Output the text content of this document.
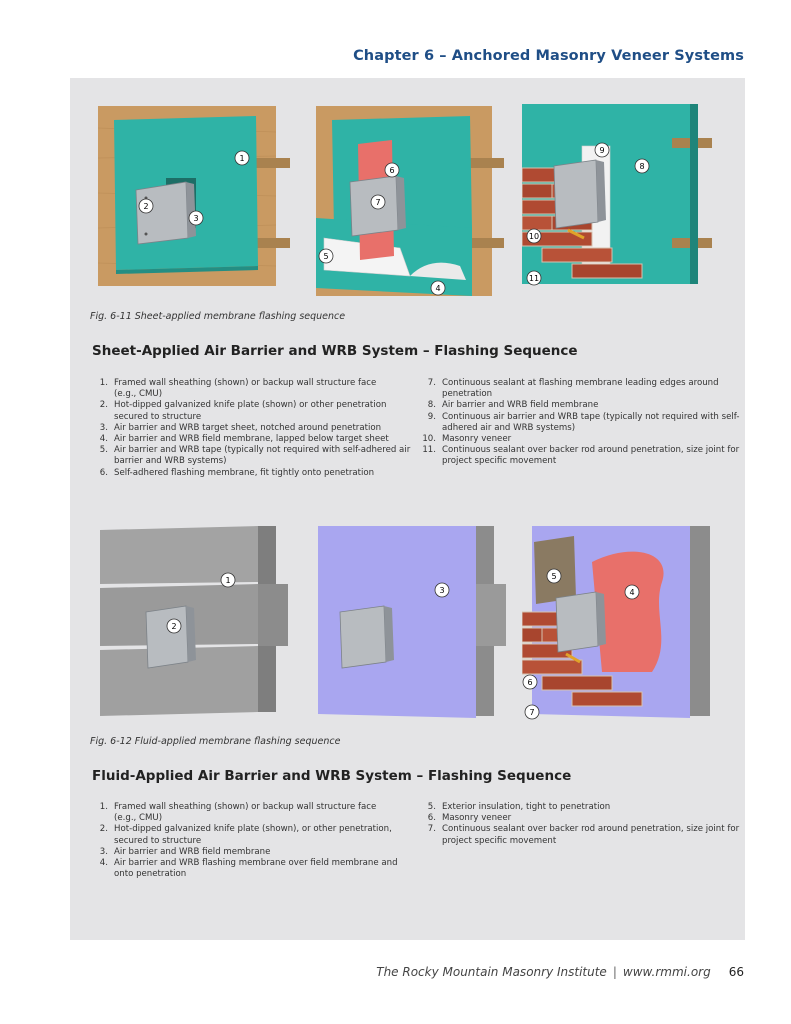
Chapter 6 – Anchored Masonry Veneer Systems
1
2
3
6
7
5
4
9
8
10
11
Fig. 6-11 Sheet-applied membrane flashing sequence
Sheet-Applied Air Barrier and WRB System – Flashing Sequence
1. Framed wall sheathing (shown) or backup wall structure face
(e.g., CMU)
2. Hot-dipped galvanized knife plate (shown) or other penetration
secured to structure
3. Air barrier and WRB target sheet, notched around penetration
4. Air barrier and WRB field membrane, lapped below target sheet
5. Air barrier and WRB tape (typically not required with self-adhered air
barrier and WRB systems)
6. Self-adhered flashing membrane, fit tightly onto penetration
7. Continuous sealant at flashing membrane leading edges around
penetration
8. Air barrier and WRB field membrane
9. Continuous air barrier and WRB tape (typically not required with self-
adhered air and WRB systems)
10. Masonry veneer
11. Continuous sealant over backer rod around penetration, size joint for
project specific movement
1
2
3
5
4
6
7
Fig. 6-12 Fluid-applied membrane flashing sequence
Fluid-Applied Air Barrier and WRB System – Flashing Sequence
1. Framed wall sheathing (shown) or backup wall structure face
(e.g., CMU)
2. Hot-dipped galvanized knife plate (shown), or other penetration,
secured to structure
3. Air barrier and WRB field membrane
4. Air barrier and WRB flashing membrane over field membrane and
onto penetration
5. Exterior insulation, tight to penetration
6. Masonry veneer
7. Continuous sealant over backer rod around penetration, size joint for
project specific movement
The Rocky Mountain Masonry Institute | www.rmmi.org 66
